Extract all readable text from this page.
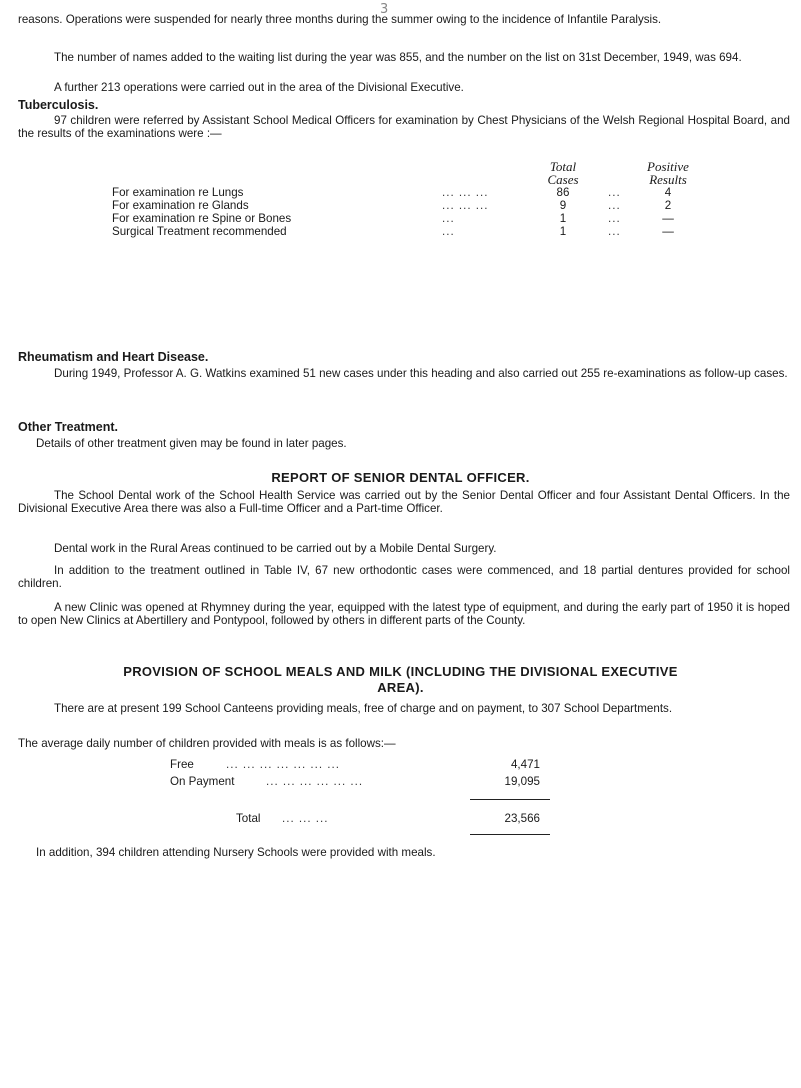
3

reasons. Operations were suspended for nearly three months during the summer owing to the incidence of Infantile Paralysis.

The number of names added to the waiting list during the year was 855, and the number on the list on 31st December, 1949, was 694.

A further 213 operations were carried out in the area of the Divisional Executive.

Tuberculosis.

97 children were referred by Assistant School Medical Officers for examination by Chest Physicians of the Welsh Regional Hospital Board, and the results of the examinations were :—

		Total		Positive
		Cases		Results
For examination re Lungs	... ... ...	86	...	4
For examination re Glands	... ... ...	9	...	2
For examination re Spine or Bones	...	1	...	—
Surgical Treatment recommended	...	1	...	—
Rheumatism and Heart Disease.

During 1949, Professor A. G. Watkins examined 51 new cases under this heading and also carried out 255 re-examinations as follow-up cases.

Other Treatment.

Details of other treatment given may be found in later pages.

REPORT OF SENIOR DENTAL OFFICER.

The School Dental work of the School Health Service was carried out by the Senior Dental Officer and four Assistant Dental Officers. In the Divisional Executive Area there was also a Full-time Officer and a Part-time Officer.

Dental work in the Rural Areas continued to be carried out by a Mobile Dental Surgery.

In addition to the treatment outlined in Table IV, 67 new orthodontic cases were commenced, and 18 partial dentures provided for school children.

A new Clinic was opened at Rhymney during the year, equipped with the latest type of equipment, and during the early part of 1950 it is hoped to open New Clinics at Abertillery and Pontypool, followed by others in different parts of the County.

PROVISION OF SCHOOL MEALS AND MILK (INCLUDING THE DIVISIONAL EXECUTIVE
AREA).

There are at present 199 School Canteens providing meals, free of charge and on payment, to 307 School Departments.

The average daily number of children provided with meals is as follows:—

Free	... ... ... ... ... ... ...	4,471
On Payment	... ... ... ... ... ...	19,095
Total ... ... ...	23,566

In addition, 394 children attending Nursery Schools were provided with meals.
